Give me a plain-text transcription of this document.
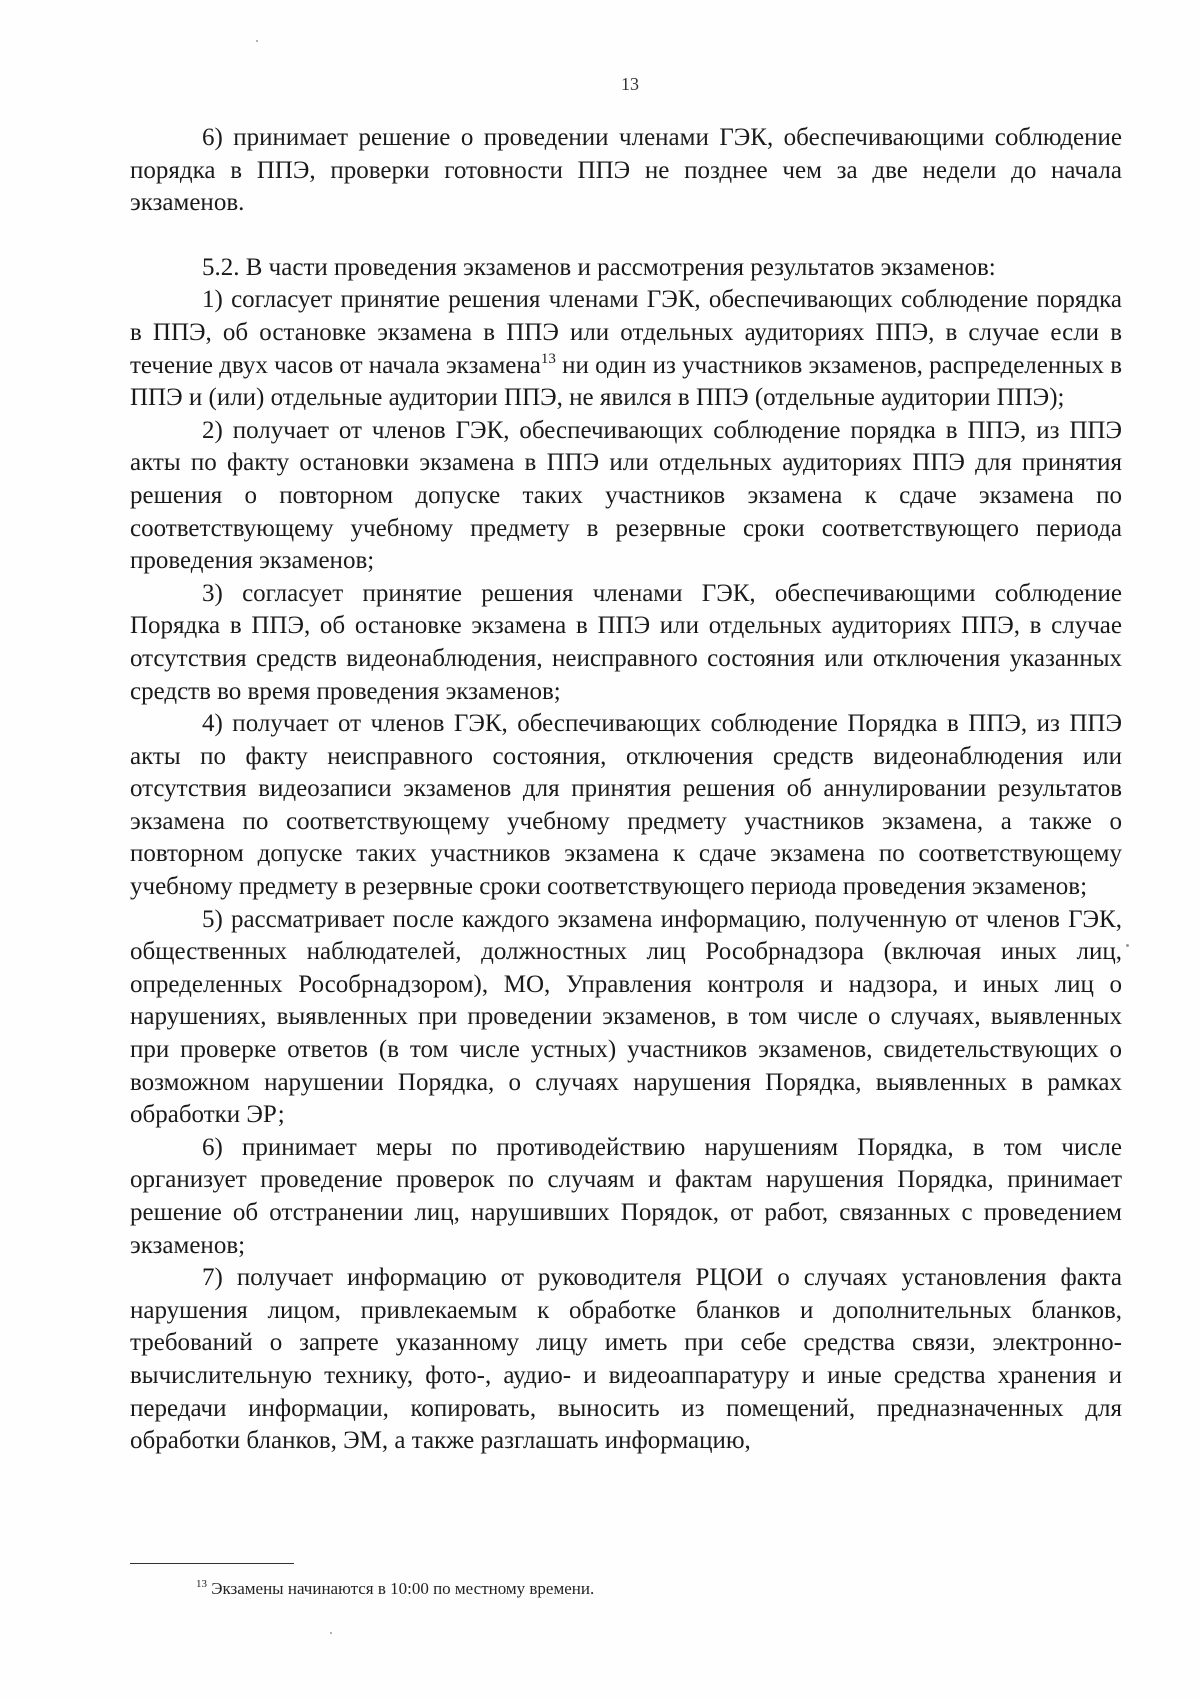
13

6) принимает решение о проведении членами ГЭК, обеспечивающими соблюдение порядка в ППЭ, проверки готовности ППЭ не позднее чем за две недели до начала экзаменов.

5.2. В части проведения экзаменов и рассмотрения результатов экзаменов:

1) согласует принятие решения членами ГЭК, обеспечивающих соблюдение порядка в ППЭ, об остановке экзамена в ППЭ или отдельных аудиториях ППЭ, в случае если в течение двух часов от начала экзамена$^{13}$ ни один из участников экзаменов, распределенных в ППЭ и (или) отдельные аудитории ППЭ, не явился в ППЭ (отдельные аудитории ППЭ);

2) получает от членов ГЭК, обеспечивающих соблюдение порядка в ППЭ, из ППЭ акты по факту остановки экзамена в ППЭ или отдельных аудиториях ППЭ для принятия решения о повторном допуске таких участников экзамена к сдаче экзамена по соответствующему учебному предмету в резервные сроки соответствующего периода проведения экзаменов;

3) согласует принятие решения членами ГЭК, обеспечивающими соблюдение Порядка в ППЭ, об остановке экзамена в ППЭ или отдельных аудиториях ППЭ, в случае отсутствия средств видеонаблюдения, неисправного состояния или отключения указанных средств во время проведения экзаменов;

4) получает от членов ГЭК, обеспечивающих соблюдение Порядка в ППЭ, из ППЭ акты по факту неисправного состояния, отключения средств видеонаблюдения или отсутствия видеозаписи экзаменов для принятия решения об аннулировании результатов экзамена по соответствующему учебному предмету участников экзамена, а также о повторном допуске таких участников экзамена к сдаче экзамена по соответствующему учебному предмету в резервные сроки соответствующего периода проведения экзаменов;

5) рассматривает после каждого экзамена информацию, полученную от членов ГЭК, общественных наблюдателей, должностных лиц Рособрнадзора (включая иных лиц, определенных Рособрнадзором), МО, Управления контроля и надзора, и иных лиц о нарушениях, выявленных при проведении экзаменов, в том числе о случаях, выявленных при проверке ответов (в том числе устных) участников экзаменов, свидетельствующих о возможном нарушении Порядка, о случаях нарушения Порядка, выявленных в рамках обработки ЭР;

6) принимает меры по противодействию нарушениям Порядка, в том числе организует проведение проверок по случаям и фактам нарушения Порядка, принимает решение об отстранении лиц, нарушивших Порядок, от работ, связанных с проведением экзаменов;

7) получает информацию от руководителя РЦОИ о случаях установления факта нарушения лицом, привлекаемым к обработке бланков и дополнительных бланков, требований о запрете указанному лицу иметь при себе средства связи, электронно-вычислительную технику, фото-, аудио- и видеоаппаратуру и иные средства хранения и передачи информации, копировать, выносить из помещений, предназначенных для обработки бланков, ЭМ, а также разглашать информацию,

$^{13}$ Экзамены начинаются в 10:00 по местному времени.
